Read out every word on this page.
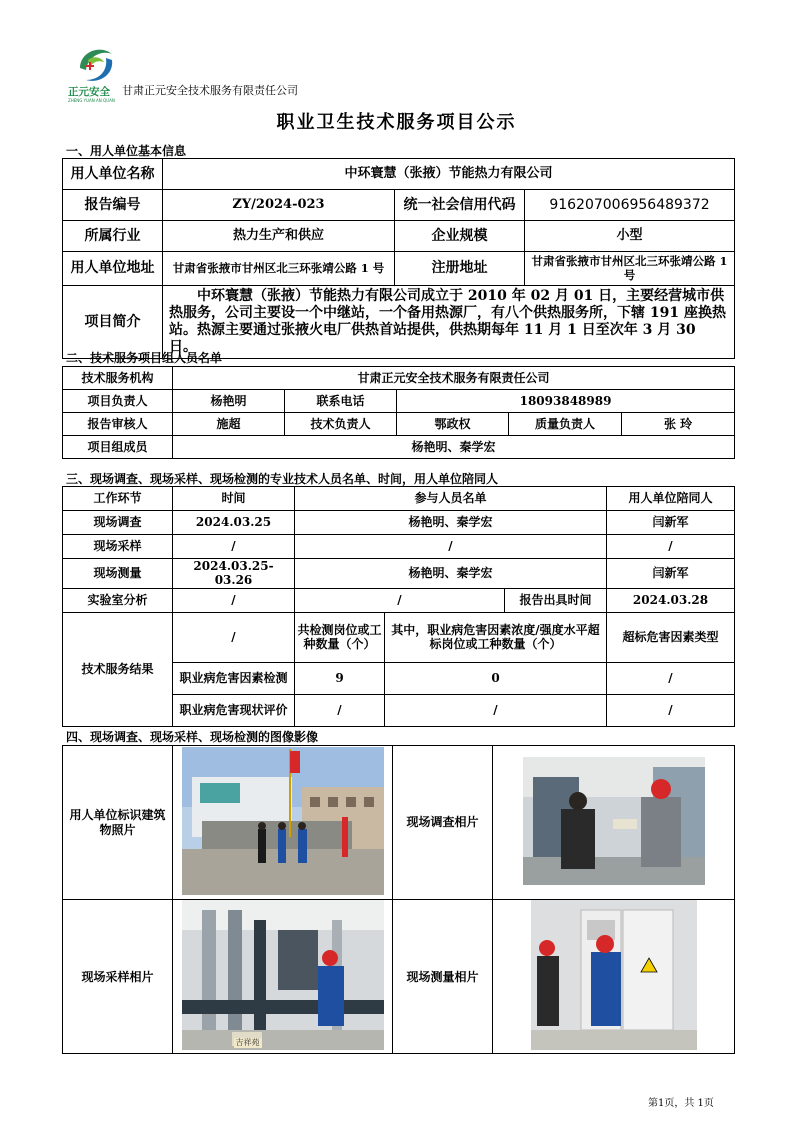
正元安全
ZHENG YUAN AN QUAN
甘肃正元安全技术服务有限责任公司
职业卫生技术服务项目公示
一、用人单位基本信息
用人单位名称	中环寰慧（张掖）节能热力有限公司		
报告编号	ZY/2024-023	统一社会信用代码	916207006956489372
所属行业	热力生产和供应	企业规模	小型
用人单位地址	甘肃省张掖市甘州区北三环张靖公路 1 号	注册地址	甘肃省张掖市甘州区北三环张靖公路 1 号
项目简介	中环寰慧（张掖）节能热力有限公司成立于 2010 年 02 月 01 日，主要经营城市供热服务，公司主要设一个中继站，一个备用热源厂，有八个供热服务所，下辖 191 座换热站。热源主要通过张掖火电厂供热首站提供，供热期每年 11 月 1 日至次年 3 月 30 日。		
二、技术服务项目组人员名单
技术服务机构	甘肃正元安全技术服务有限责任公司				
项目负责人	杨艳明	联系电话	18093848989		
报告审核人	施超	技术负责人	鄂政权	质量负责人	张 玲
项目组成员	杨艳明、秦学宏				
三、现场调查、现场采样、现场检测的专业技术人员名单、时间，用人单位陪同人
工作环节	时间	参与人员名单			用人单位陪同人
现场调查	2024.03.25	杨艳明、秦学宏			闫新军
现场采样	/	/			/
现场测量	2024.03.25-03.26	杨艳明、秦学宏			闫新军
实验室分析	/	/		报告出具时间	2024.03.28
技术服务结果	/	共检测岗位或工种数量（个）	其中，职业病危害因素浓度/强度水平超标岗位或工种数量（个）		超标危害因素类型
	职业病危害因素检测	9	0		/
	职业病危害现状评价	/	/		/
四、现场调查、现场采样、现场检测的图像影像
用人单位标识建筑物照片		现场调查相片	

现场采样相片	吉祥苑	现场测量相片	
第1页，共 1页
